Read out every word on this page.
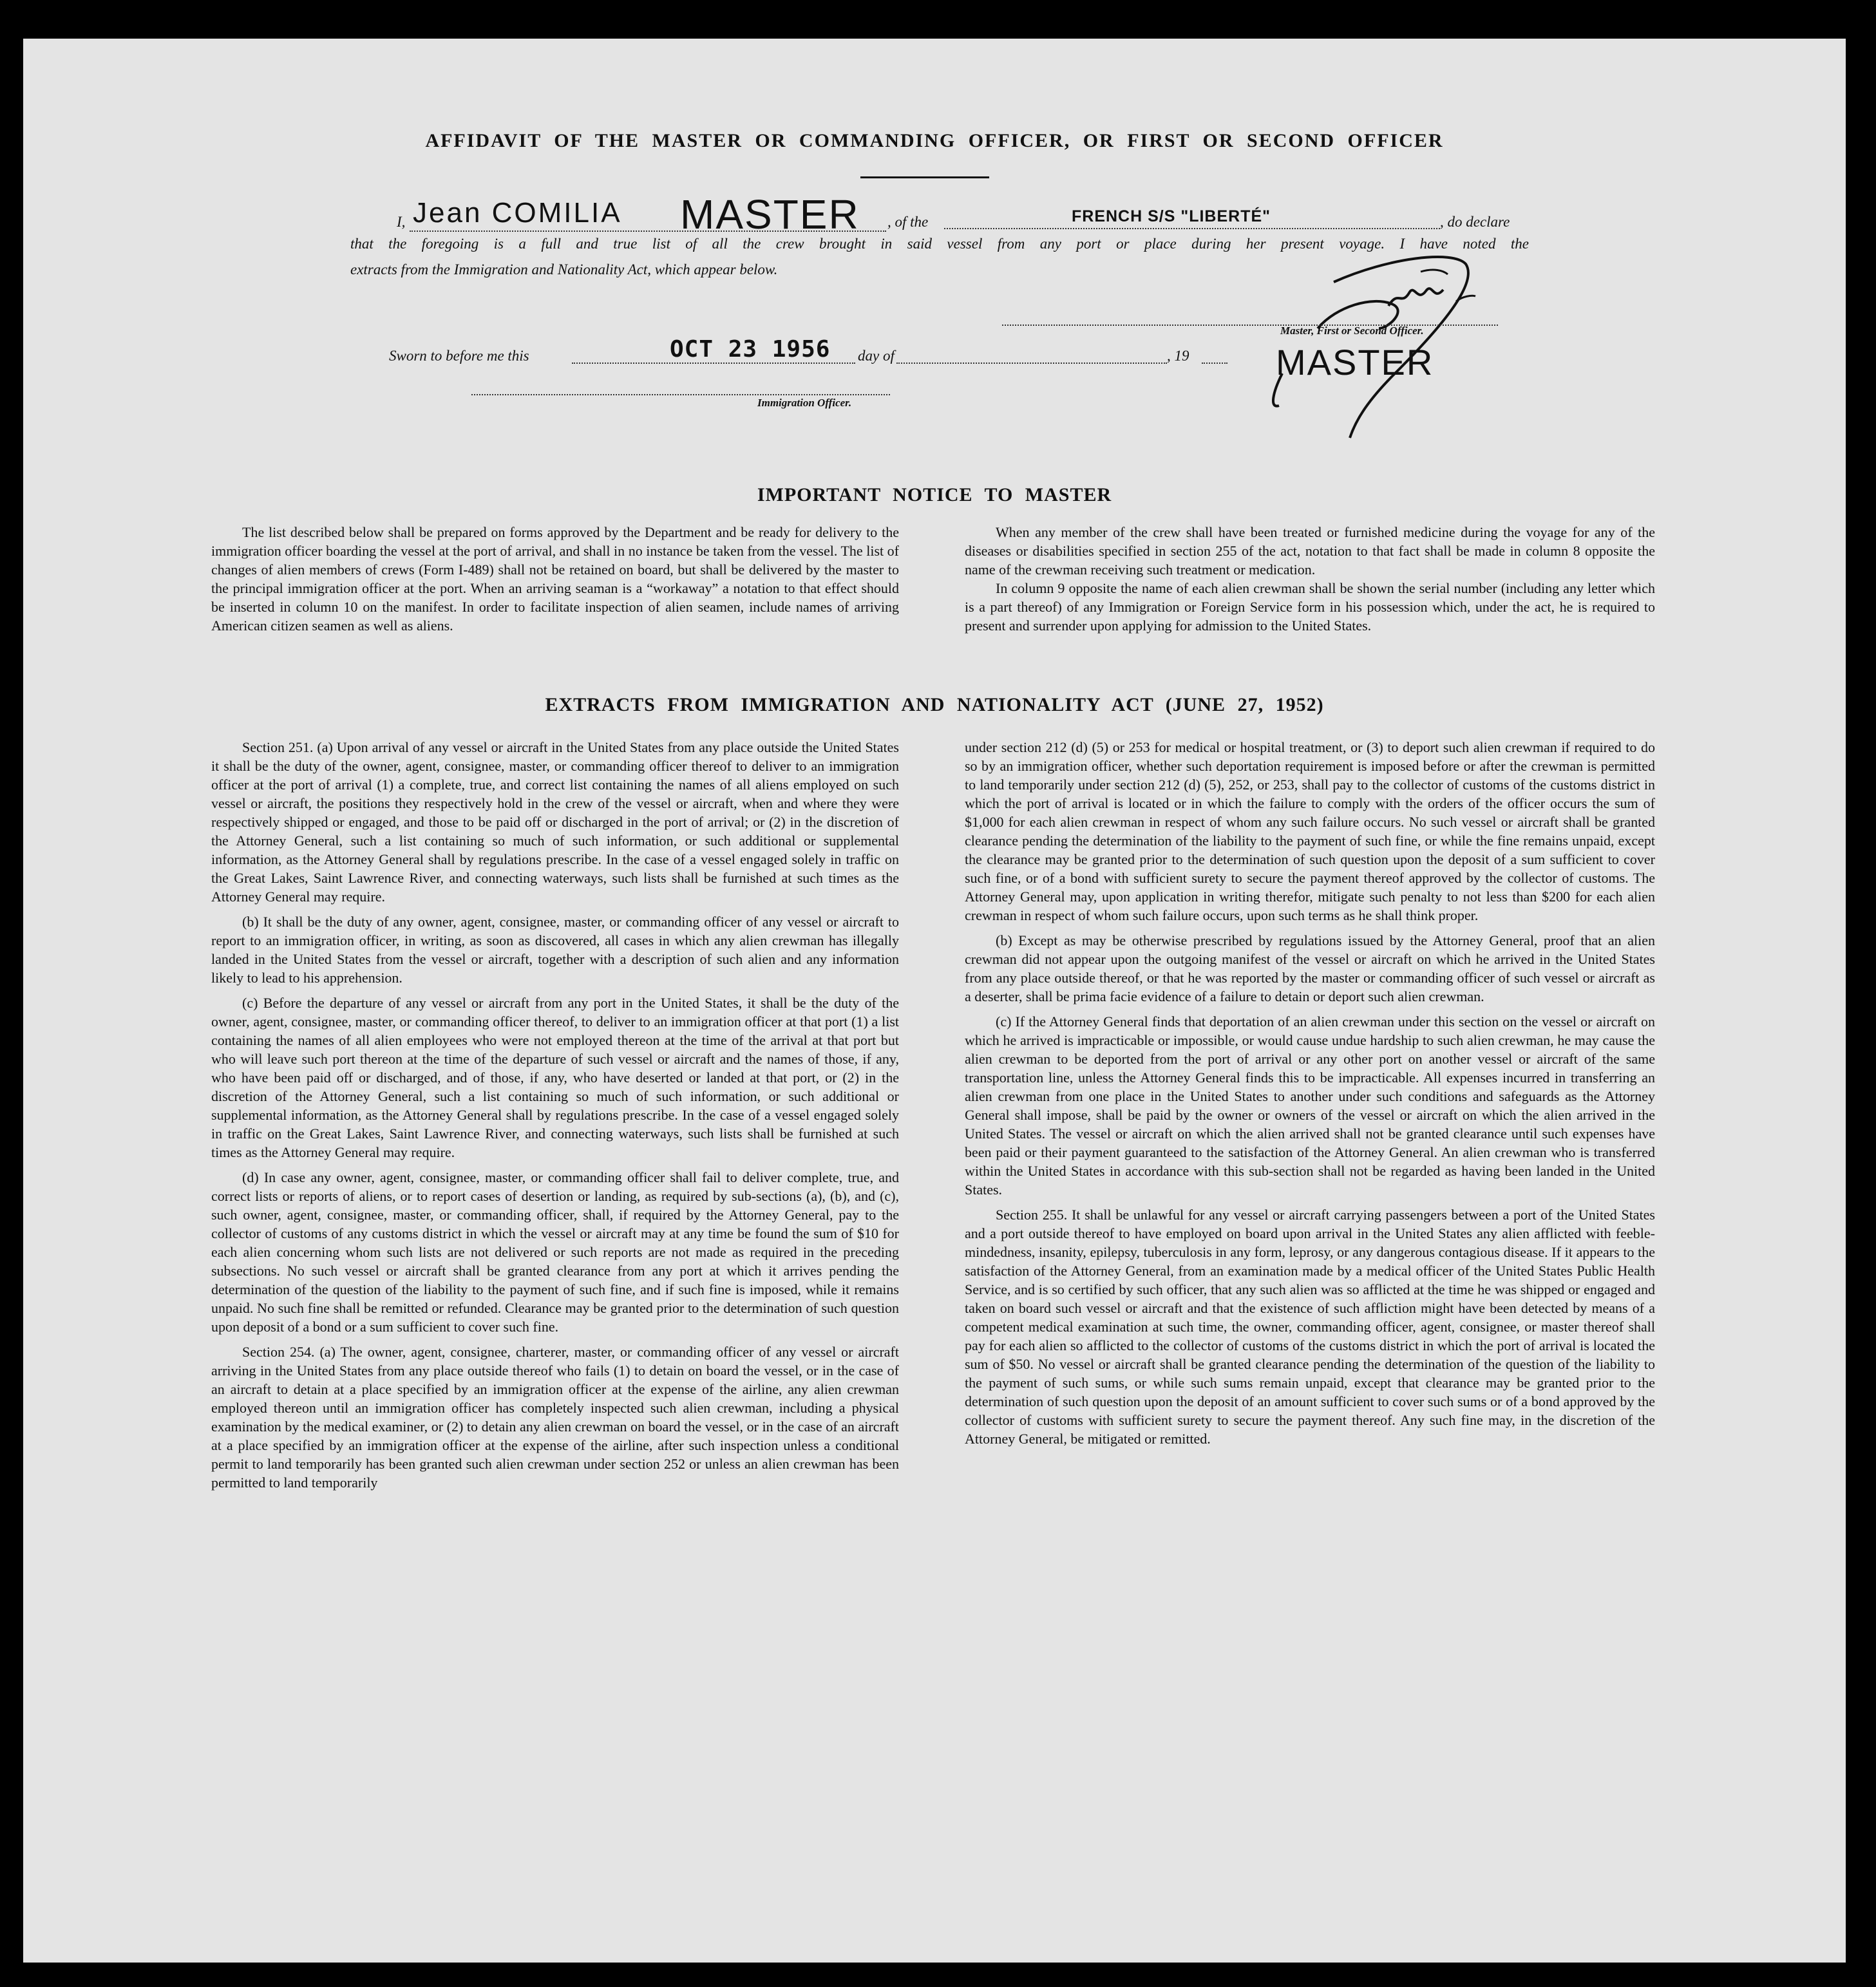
AFFIDAVIT OF THE MASTER OR COMMANDING OFFICER, OR FIRST OR SECOND OFFICER
I, Jean COMILIA MASTER , of the	FRENCH S/S "LIBERTÉ"	, do declare
that the foregoing is a full and true list of all the crew brought in said vessel from any port or place during her present voyage. I have noted the
extracts from the Immigration and Nationality Act, which appear below.
Master, First or Second Officer.
MASTER
Sworn to before me this	OCT 23 1956 day of	, 19
Immigration Officer.
IMPORTANT NOTICE TO MASTER

The list described below shall be prepared on forms approved by the Department and be ready for delivery to the immigration officer boarding the vessel at the port of arrival, and shall in no instance be taken from the vessel. The list of changes of alien members of crews (Form I-489) shall not be retained on board, but shall be delivered by the master to the principal immigration officer at the port. When an arriving seaman is a “workaway” a notation to that effect should be inserted in column 10 on the manifest. In order to facilitate inspection of alien seamen, include names of arriving American citizen seamen as well as aliens.

When any member of the crew shall have been treated or furnished medicine during the voyage for any of the diseases or disabilities specified in section 255 of the act, notation to that fact shall be made in column 8 opposite the name of the crewman receiving such treatment or medication.

In column 9 opposite the name of each alien crewman shall be shown the serial number (including any letter which is a part thereof) of any Immigration or Foreign Service form in his possession which, under the act, he is required to present and surrender upon applying for admission to the United States.

EXTRACTS FROM IMMIGRATION AND NATIONALITY ACT (JUNE 27, 1952)

Section 251. (a) Upon arrival of any vessel or aircraft in the United States from any place outside the United States it shall be the duty of the owner, agent, consignee, master, or commanding officer thereof to deliver to an immigration officer at the port of arrival (1) a complete, true, and correct list containing the names of all aliens employed on such vessel or aircraft, the positions they respectively hold in the crew of the vessel or aircraft, when and where they were respectively shipped or engaged, and those to be paid off or discharged in the port of arrival; or (2) in the discretion of the Attorney General, such a list containing so much of such information, or such additional or supplemental information, as the Attorney General shall by regulations prescribe. In the case of a vessel engaged solely in traffic on the Great Lakes, Saint Lawrence River, and connecting waterways, such lists shall be furnished at such times as the Attorney General may require.

(b) It shall be the duty of any owner, agent, consignee, master, or commanding officer of any vessel or aircraft to report to an immigration officer, in writing, as soon as discovered, all cases in which any alien crewman has illegally landed in the United States from the vessel or aircraft, together with a description of such alien and any information likely to lead to his apprehension.

(c) Before the departure of any vessel or aircraft from any port in the United States, it shall be the duty of the owner, agent, consignee, master, or commanding officer thereof, to deliver to an immigration officer at that port (1) a list containing the names of all alien employees who were not employed thereon at the time of the arrival at that port but who will leave such port thereon at the time of the departure of such vessel or aircraft and the names of those, if any, who have been paid off or discharged, and of those, if any, who have deserted or landed at that port, or (2) in the discretion of the Attorney General, such a list containing so much of such information, or such additional or supplemental information, as the Attorney General shall by regulations prescribe. In the case of a vessel engaged solely in traffic on the Great Lakes, Saint Lawrence River, and connecting waterways, such lists shall be furnished at such times as the Attorney General may require.

(d) In case any owner, agent, consignee, master, or commanding officer shall fail to deliver complete, true, and correct lists or reports of aliens, or to report cases of desertion or landing, as required by sub-sections (a), (b), and (c), such owner, agent, consignee, master, or commanding officer, shall, if required by the Attorney General, pay to the collector of customs of any customs district in which the vessel or aircraft may at any time be found the sum of $10 for each alien concerning whom such lists are not delivered or such reports are not made as required in the preceding subsections. No such vessel or aircraft shall be granted clearance from any port at which it arrives pending the determination of the question of the liability to the payment of such fine, and if such fine is imposed, while it remains unpaid. No such fine shall be remitted or refunded. Clearance may be granted prior to the determination of such question upon deposit of a bond or a sum sufficient to cover such fine.

Section 254. (a) The owner, agent, consignee, charterer, master, or commanding officer of any vessel or aircraft arriving in the United States from any place outside thereof who fails (1) to detain on board the vessel, or in the case of an aircraft to detain at a place specified by an immigration officer at the expense of the airline, any alien crewman employed thereon until an immigration officer has completely inspected such alien crewman, including a physical examination by the medical examiner, or (2) to detain any alien crewman on board the vessel, or in the case of an aircraft at a place specified by an immigration officer at the expense of the airline, after such inspection unless a conditional permit to land temporarily has been granted such alien crewman under section 252 or unless an alien crewman has been permitted to land temporarily

under section 212 (d) (5) or 253 for medical or hospital treatment, or (3) to deport such alien crewman if required to do so by an immigration officer, whether such deportation requirement is imposed before or after the crewman is permitted to land temporarily under section 212 (d) (5), 252, or 253, shall pay to the collector of customs of the customs district in which the port of arrival is located or in which the failure to comply with the orders of the officer occurs the sum of $1,000 for each alien crewman in respect of whom any such failure occurs. No such vessel or aircraft shall be granted clearance pending the determination of the liability to the payment of such fine, or while the fine remains unpaid, except the clearance may be granted prior to the determination of such question upon the deposit of a sum sufficient to cover such fine, or of a bond with sufficient surety to secure the payment thereof approved by the collector of customs. The Attorney General may, upon application in writing therefor, mitigate such penalty to not less than $200 for each alien crewman in respect of whom such failure occurs, upon such terms as he shall think proper.

(b) Except as may be otherwise prescribed by regulations issued by the Attorney General, proof that an alien crewman did not appear upon the outgoing manifest of the vessel or aircraft on which he arrived in the United States from any place outside thereof, or that he was reported by the master or commanding officer of such vessel or aircraft as a deserter, shall be prima facie evidence of a failure to detain or deport such alien crewman.

(c) If the Attorney General finds that deportation of an alien crewman under this section on the vessel or aircraft on which he arrived is impracticable or impossible, or would cause undue hardship to such alien crewman, he may cause the alien crewman to be deported from the port of arrival or any other port on another vessel or aircraft of the same transportation line, unless the Attorney General finds this to be impracticable. All expenses incurred in transferring an alien crewman from one place in the United States to another under such conditions and safeguards as the Attorney General shall impose, shall be paid by the owner or owners of the vessel or aircraft on which the alien arrived in the United States. The vessel or aircraft on which the alien arrived shall not be granted clearance until such expenses have been paid or their payment guaranteed to the satisfaction of the Attorney General. An alien crewman who is transferred within the United States in accordance with this sub-section shall not be regarded as having been landed in the United States.

Section 255. It shall be unlawful for any vessel or aircraft carrying passengers between a port of the United States and a port outside thereof to have employed on board upon arrival in the United States any alien afflicted with feeble-mindedness, insanity, epilepsy, tuberculosis in any form, leprosy, or any dangerous contagious disease. If it appears to the satisfaction of the Attorney General, from an examination made by a medical officer of the United States Public Health Service, and is so certified by such officer, that any such alien was so afflicted at the time he was shipped or engaged and taken on board such vessel or aircraft and that the existence of such affliction might have been detected by means of a competent medical examination at such time, the owner, commanding officer, agent, consignee, or master thereof shall pay for each alien so afflicted to the collector of customs of the customs district in which the port of arrival is located the sum of $50. No vessel or aircraft shall be granted clearance pending the determination of the question of the liability to the payment of such sums, or while such sums remain unpaid, except that clearance may be granted prior to the determination of such question upon the deposit of an amount sufficient to cover such sums or of a bond approved by the collector of customs with sufficient surety to secure the payment thereof. Any such fine may, in the discretion of the Attorney General, be mitigated or remitted.
